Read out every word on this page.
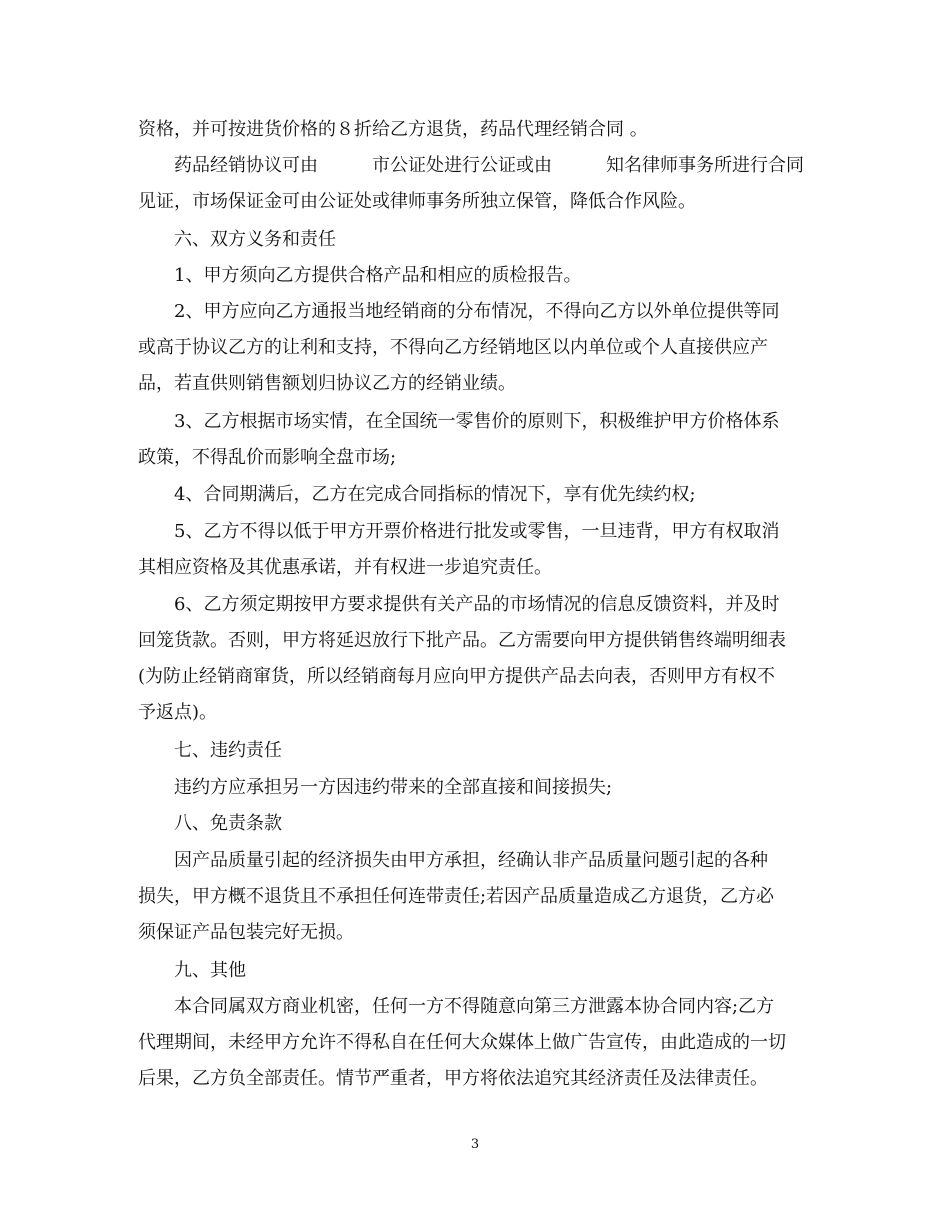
资格，并可按进货价格的８折给乙方退货，药品代理经销合同 。
药品经销协议可由　　　市公证处进行公证或由　　　知名律师事务所进行合同
见证，市场保证金可由公证处或律师事务所独立保管，降低合作风险。
六、双方义务和责任
1、甲方须向乙方提供合格产品和相应的质检报告。
2、甲方应向乙方通报当地经销商的分布情况，不得向乙方以外单位提供等同
或高于协议乙方的让利和支持，不得向乙方经销地区以内单位或个人直接供应产
品，若直供则销售额划归协议乙方的经销业绩。
3、乙方根据市场实情，在全国统一零售价的原则下，积极维护甲方价格体系
政策，不得乱价而影响全盘市场;
4、合同期满后，乙方在完成合同指标的情况下，享有优先续约权;
5、乙方不得以低于甲方开票价格进行批发或零售，一旦违背，甲方有权取消
其相应资格及其优惠承诺，并有权进一步追究责任。
6、乙方须定期按甲方要求提供有关产品的市场情况的信息反馈资料，并及时
回笼货款。否则，甲方将延迟放行下批产品。乙方需要向甲方提供销售终端明细表
(为防止经销商窜货，所以经销商每月应向甲方提供产品去向表，否则甲方有权不
予返点)。
七、违约责任
违约方应承担另一方因违约带来的全部直接和间接损失;
八、免责条款
因产品质量引起的经济损失由甲方承担，经确认非产品质量问题引起的各种
损失，甲方概不退货且不承担任何连带责任;若因产品质量造成乙方退货，乙方必
须保证产品包装完好无损。
九、其他
本合同属双方商业机密，任何一方不得随意向第三方泄露本协合同内容;乙方
代理期间，未经甲方允许不得私自在任何大众媒体上做广告宣传，由此造成的一切
后果，乙方负全部责任。情节严重者，甲方将依法追究其经济责任及法律责任。
3
